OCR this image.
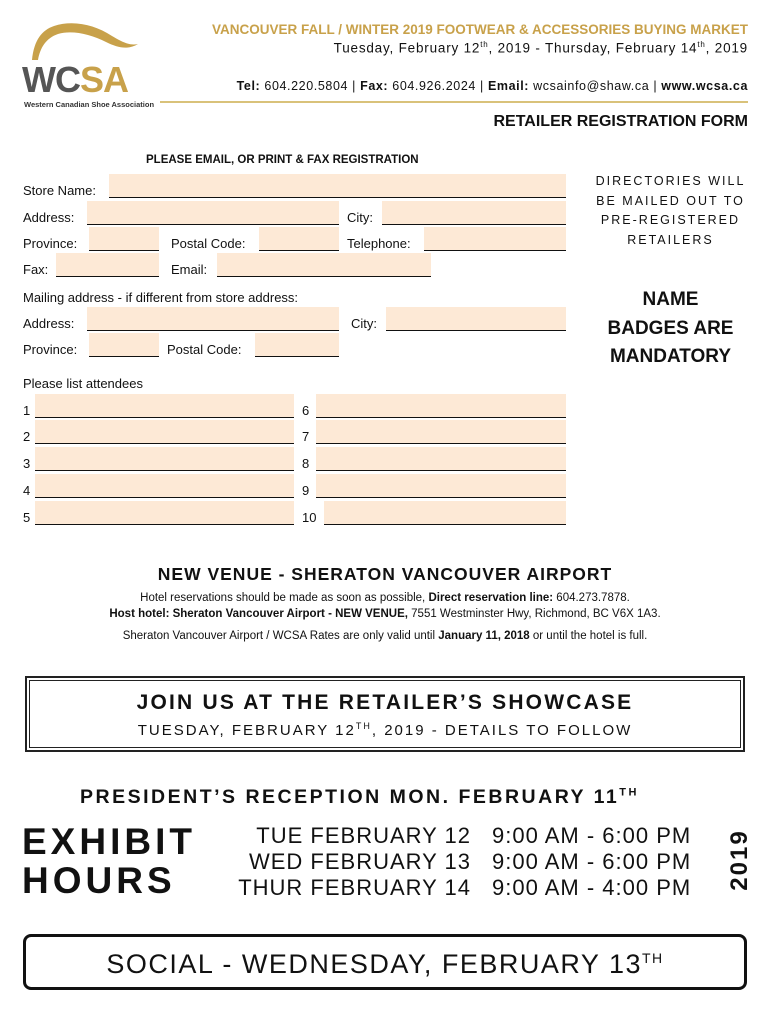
WCSA
Western Canadian Shoe Association
VANCOUVER FALL / WINTER 2019 FOOTWEAR & ACCESSORIES BUYING MARKET
Tuesday, February 12th, 2019 - Thursday, February 14th, 2019
Tel: 604.220.5804 | Fax: 604.926.2024 | Email: wcsainfo@shaw.ca | www.wcsa.ca
RETAILER REGISTRATION FORM
PLEASE EMAIL, OR PRINT & FAX REGISTRATION
Store Name:
Address:	City:
Province:	Postal Code:	Telephone:
Fax:	Email:
Mailing address - if different from store address:
Address:	City:
Province:	Postal Code:
Please list attendees
1
2
3
4
5
6
7
8
9
10
DIRECTORIES WILL
BE MAILED OUT TO
PRE-REGISTERED
RETAILERS
NAME
BADGES ARE
MANDATORY
NEW VENUE - SHERATON VANCOUVER AIRPORT
Hotel reservations should be made as soon as possible, Direct reservation line: 604.273.7878.
Host hotel: Sheraton Vancouver Airport - NEW VENUE, 7551 Westminster Hwy, Richmond, BC V6X 1A3.
Sheraton Vancouver Airport / WCSA Rates are only valid until January 11, 2018 or until the hotel is full.
JOIN US AT THE RETAILER’S SHOWCASE
TUESDAY, FEBRUARY 12TH, 2019 - DETAILS TO FOLLOW
PRESIDENT’S RECEPTION MON. FEBRUARY 11TH
EXHIBIT
HOURS
TUE FEBRUARY 12 9:00 AM - 6:00 PM
WED FEBRUARY 13 9:00 AM - 6:00 PM
THUR FEBRUARY 14 9:00 AM - 4:00 PM 2019
SOCIAL - WEDNESDAY, FEBRUARY 13TH
